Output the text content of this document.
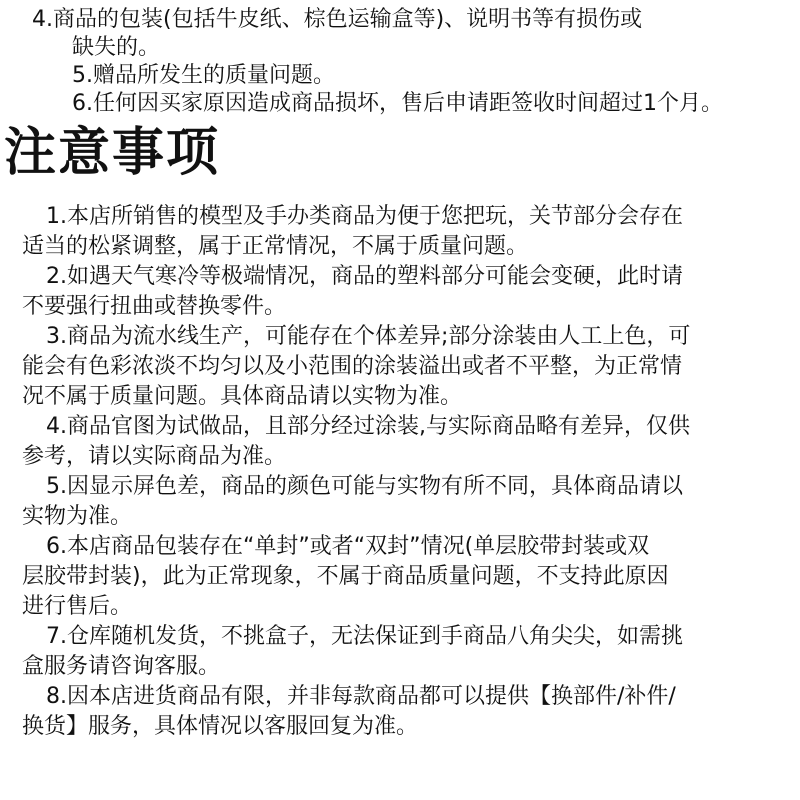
4.商品的包装(包括牛皮纸、棕色运输盒等)、说明书等有损伤或
缺失的。
5.赠品所发生的质量问题。
6.任何因买家原因造成商品损坏，售后申请距签收时间超过1个月。
注意事项
1.本店所销售的模型及手办类商品为便于您把玩，关节部分会存在
适当的松紧调整，属于正常情况，不属于质量问题。
2.如遇天气寒冷等极端情况，商品的塑料部分可能会变硬，此时请
不要强行扭曲或替换零件。
3.商品为流水线生产，可能存在个体差异;部分涂装由人工上色，可
能会有色彩浓淡不均匀以及小范围的涂装溢出或者不平整，为正常情
况不属于质量问题。具体商品请以实物为准。
4.商品官图为试做品，且部分经过涂装,与实际商品略有差异，仅供
参考，请以实际商品为准。
5.因显示屏色差，商品的颜色可能与实物有所不同，具体商品请以
实物为准。
6.本店商品包装存在“单封”或者“双封”情况(单层胶带封装或双
层胶带封装)，此为正常现象，不属于商品质量问题，不支持此原因
进行售后。
7.仓库随机发货，不挑盒子，无法保证到手商品八角尖尖，如需挑
盒服务请咨询客服。
8.因本店进货商品有限，并非每款商品都可以提供【换部件/补件/
换货】服务，具体情况以客服回复为准。
